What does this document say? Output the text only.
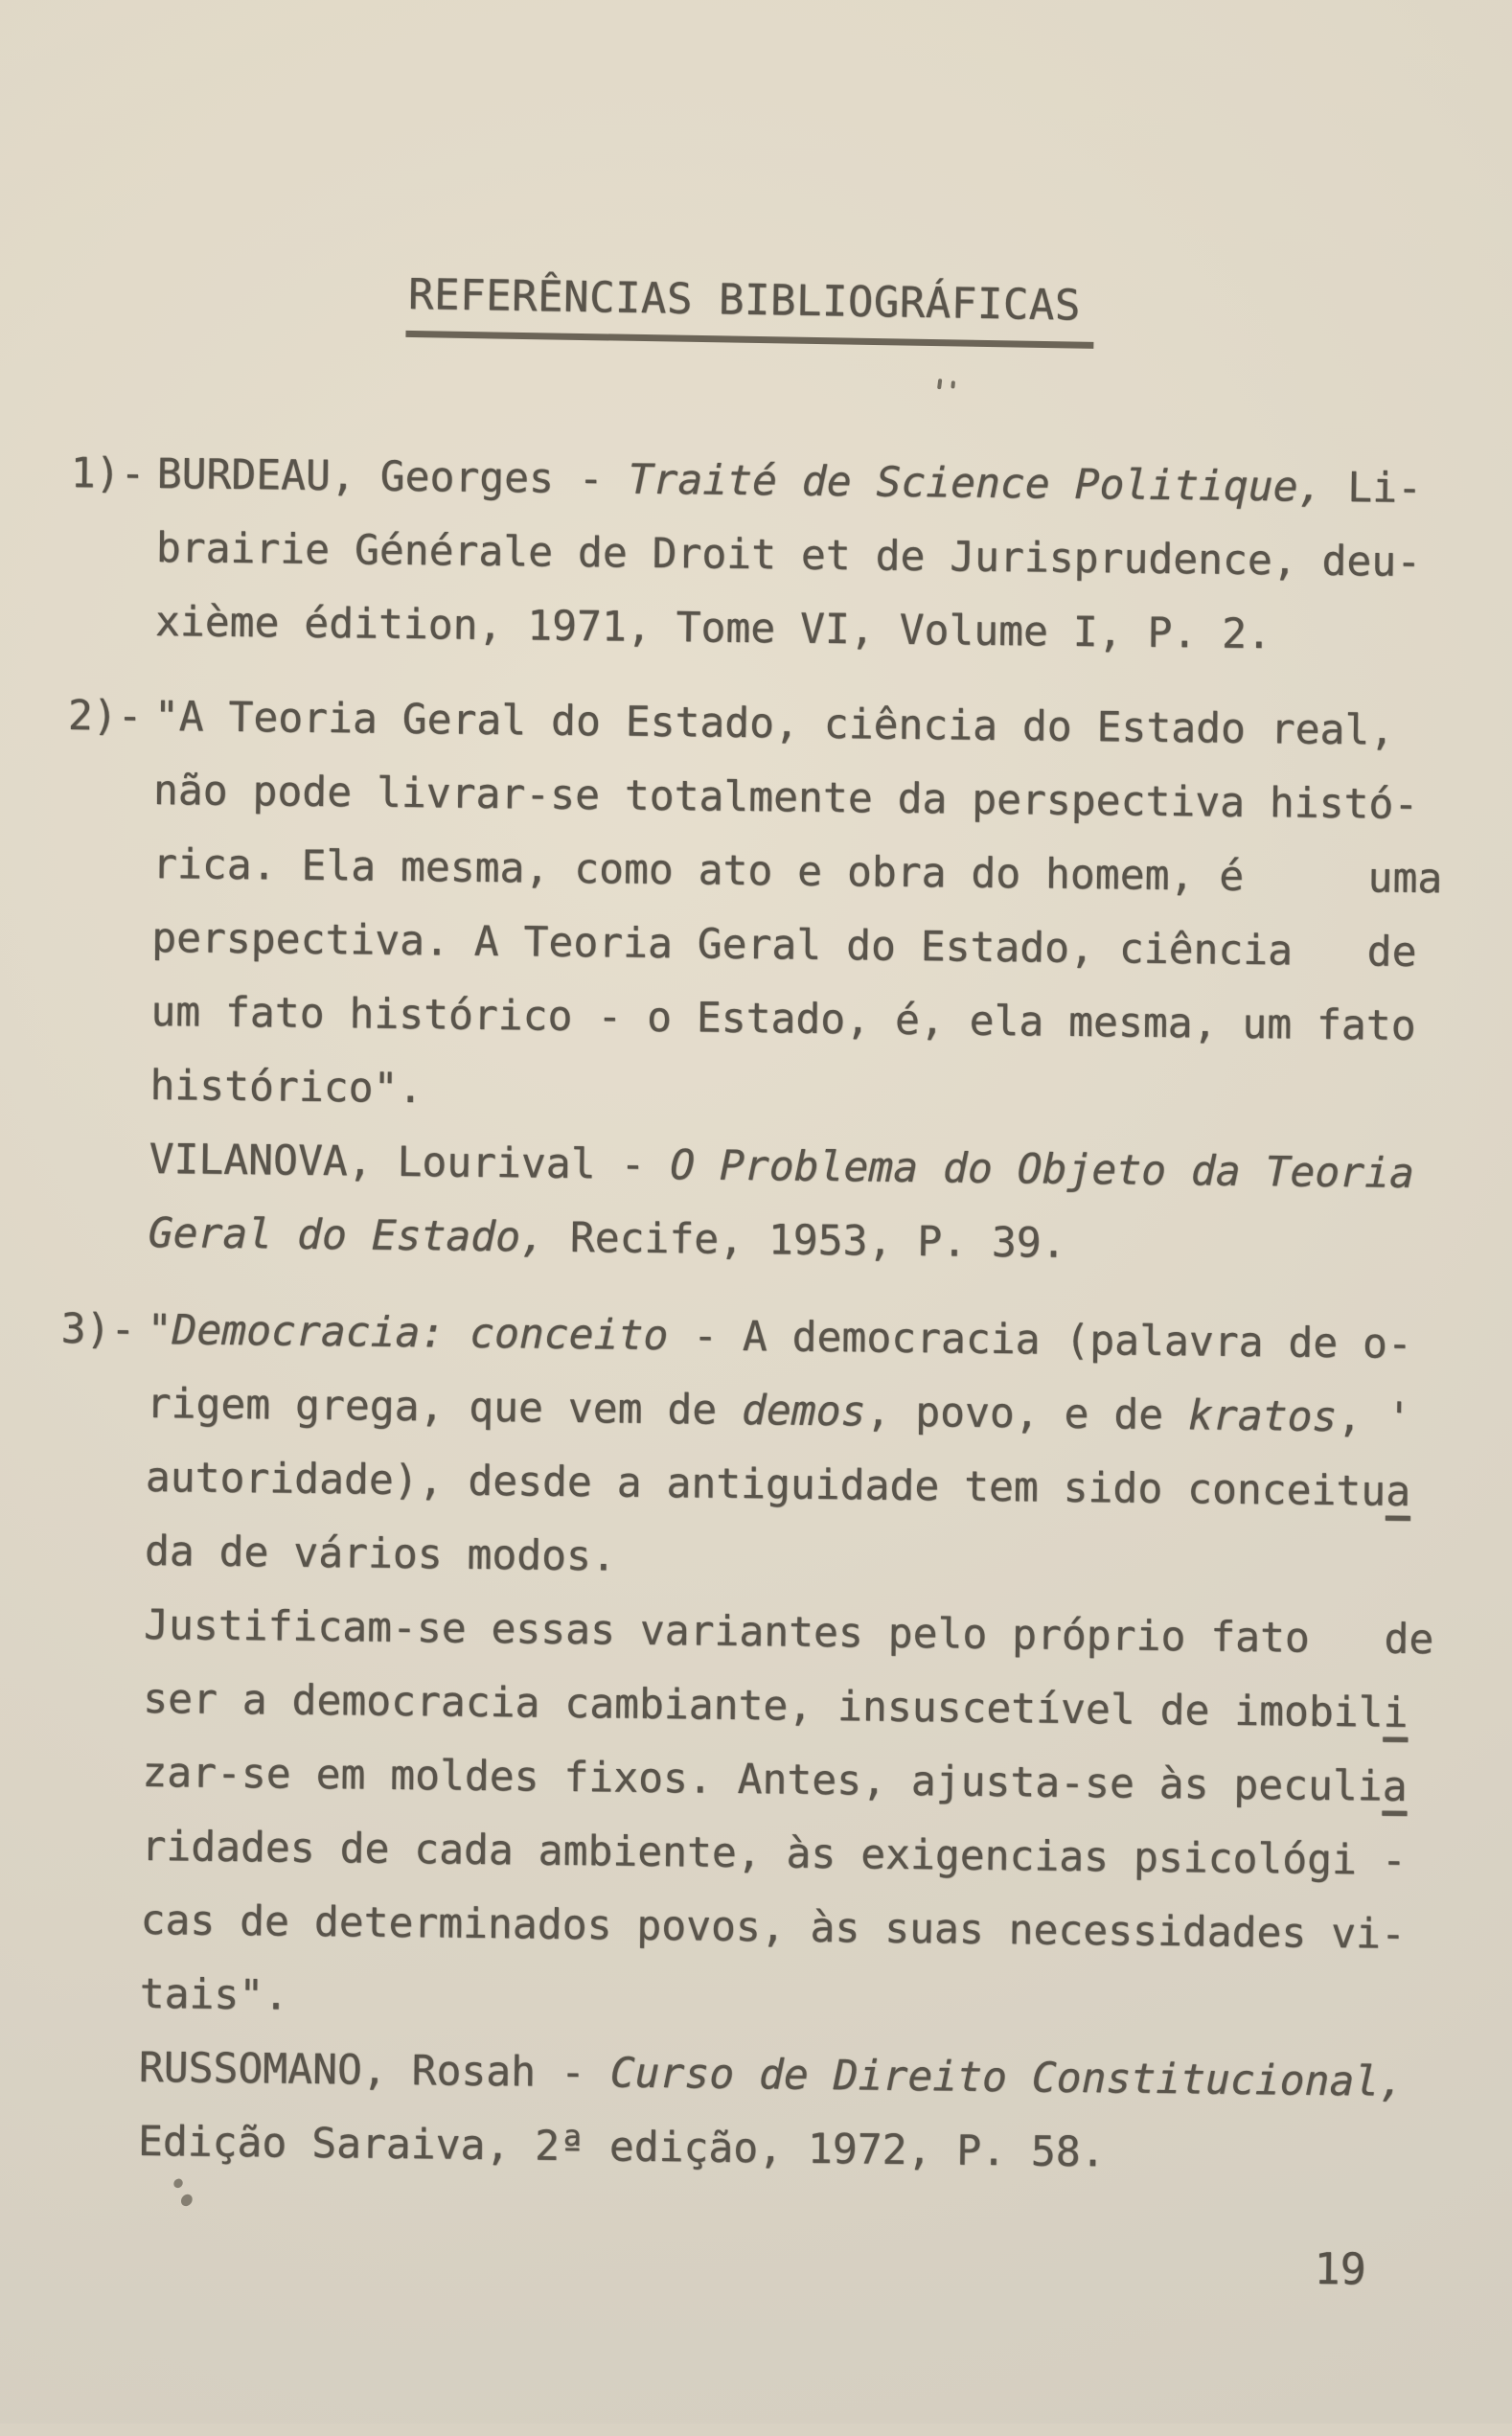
REFERÊNCIAS BIBLIOGRÁFICAS
1)- BURDEAU, Georges - Traité de Science Politique, Li-
brairie Générale de Droit et de Jurisprudence, deu-
xième édition, 1971, Tome VI, Volume I, P. 2.
2)- "A Teoria Geral do Estado, ciência do Estado real,
não pode livrar-se totalmente da perspectiva histó-
rica. Ela mesma, como ato e obra do homem, é     uma
perspectiva. A Teoria Geral do Estado, ciência   de
um fato histórico - o Estado, é, ela mesma, um fato
histórico".
VILANOVA, Lourival - O Problema do Objeto da Teoria
Geral do Estado, Recife, 1953, P. 39.
3)- "Democracia: conceito - A democracia (palavra de o-
rigem grega, que vem de demos, povo, e de kratos, '
autoridade), desde a antiguidade tem sido conceitua
da de vários modos.
Justificam-se essas variantes pelo próprio fato   de
ser a democracia cambiante, insuscetível de imobili
zar-se em moldes fixos. Antes, ajusta-se às peculia
ridades de cada ambiente, às exigencias psicológi -
cas de determinados povos, às suas necessidades vi-
tais".
RUSSOMANO, Rosah - Curso de Direito Constitucional,
Edição Saraiva, 2ª edição, 1972, P. 58.
19
